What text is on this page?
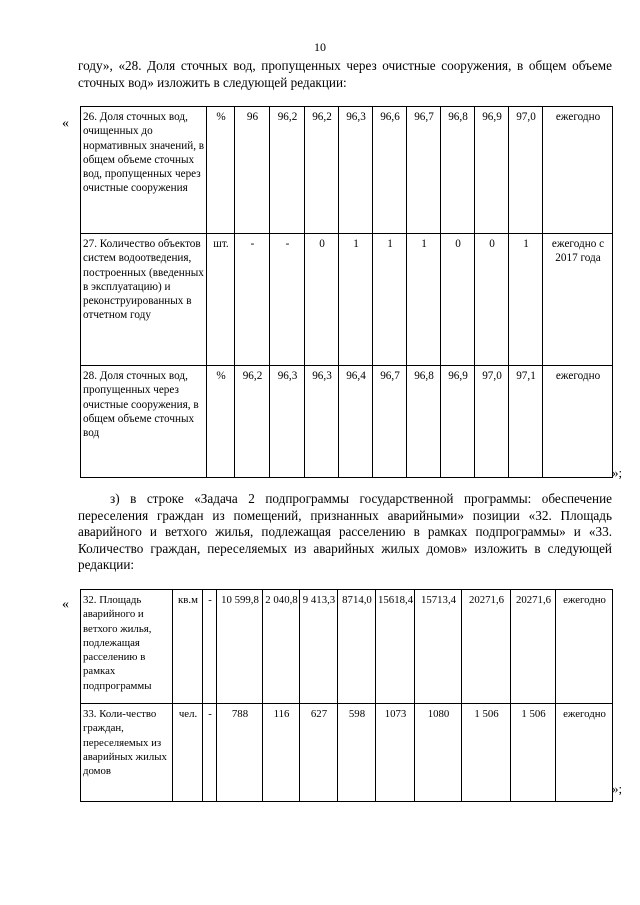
10
году», «28. Доля сточных вод, пропущенных через очистные сооружения, в общем объеме сточных вод» изложить в следующей редакции:
« 26. Доля сточных вод, очищенных до нормативных значений, в общем объеме сточных вод, пропущенных через очистные сооружения	%	96	96,2	96,2	96,3	96,6	96,7	96,8	96,9	97,0	ежегодно
27. Количество объектов систем водоотведения, построенных (введенных в эксплуатацию) и реконструированных в отчетном году	шт.	-	-	0	1	1	1	0	0	1	ежегодно с 2017 года
28. Доля сточных вод, пропущенных через очистные сооружения, в общем объеме сточных вод	%	96,2	96,3	96,3	96,4	96,7	96,8	96,9	97,0	97,1	ежегодно
»;
з) в строке «Задача 2 подпрограммы государственной программы: обеспечение переселения граждан из помещений, признанных аварийными» позиции «32. Площадь аварийного и ветхого жилья, подлежащая расселению в рамках подпрограммы» и «33. Количество граждан, переселяемых из аварийных жилых домов» изложить в следующей редакции:
« 32. Площадь аварийного и ветхого жилья, подлежащая расселению в рамках подпрограммы	кв.м	-	10 599,8	2 040,8	9 413,3	8714,0	15618,4	15713,4	20271,6	20271,6	ежегодно
33. Коли-чество граждан, переселяемых из аварийных жилых домов	чел.	-	788	116	627	598	1073	1080	1 506	1 506	ежегодно
»;
